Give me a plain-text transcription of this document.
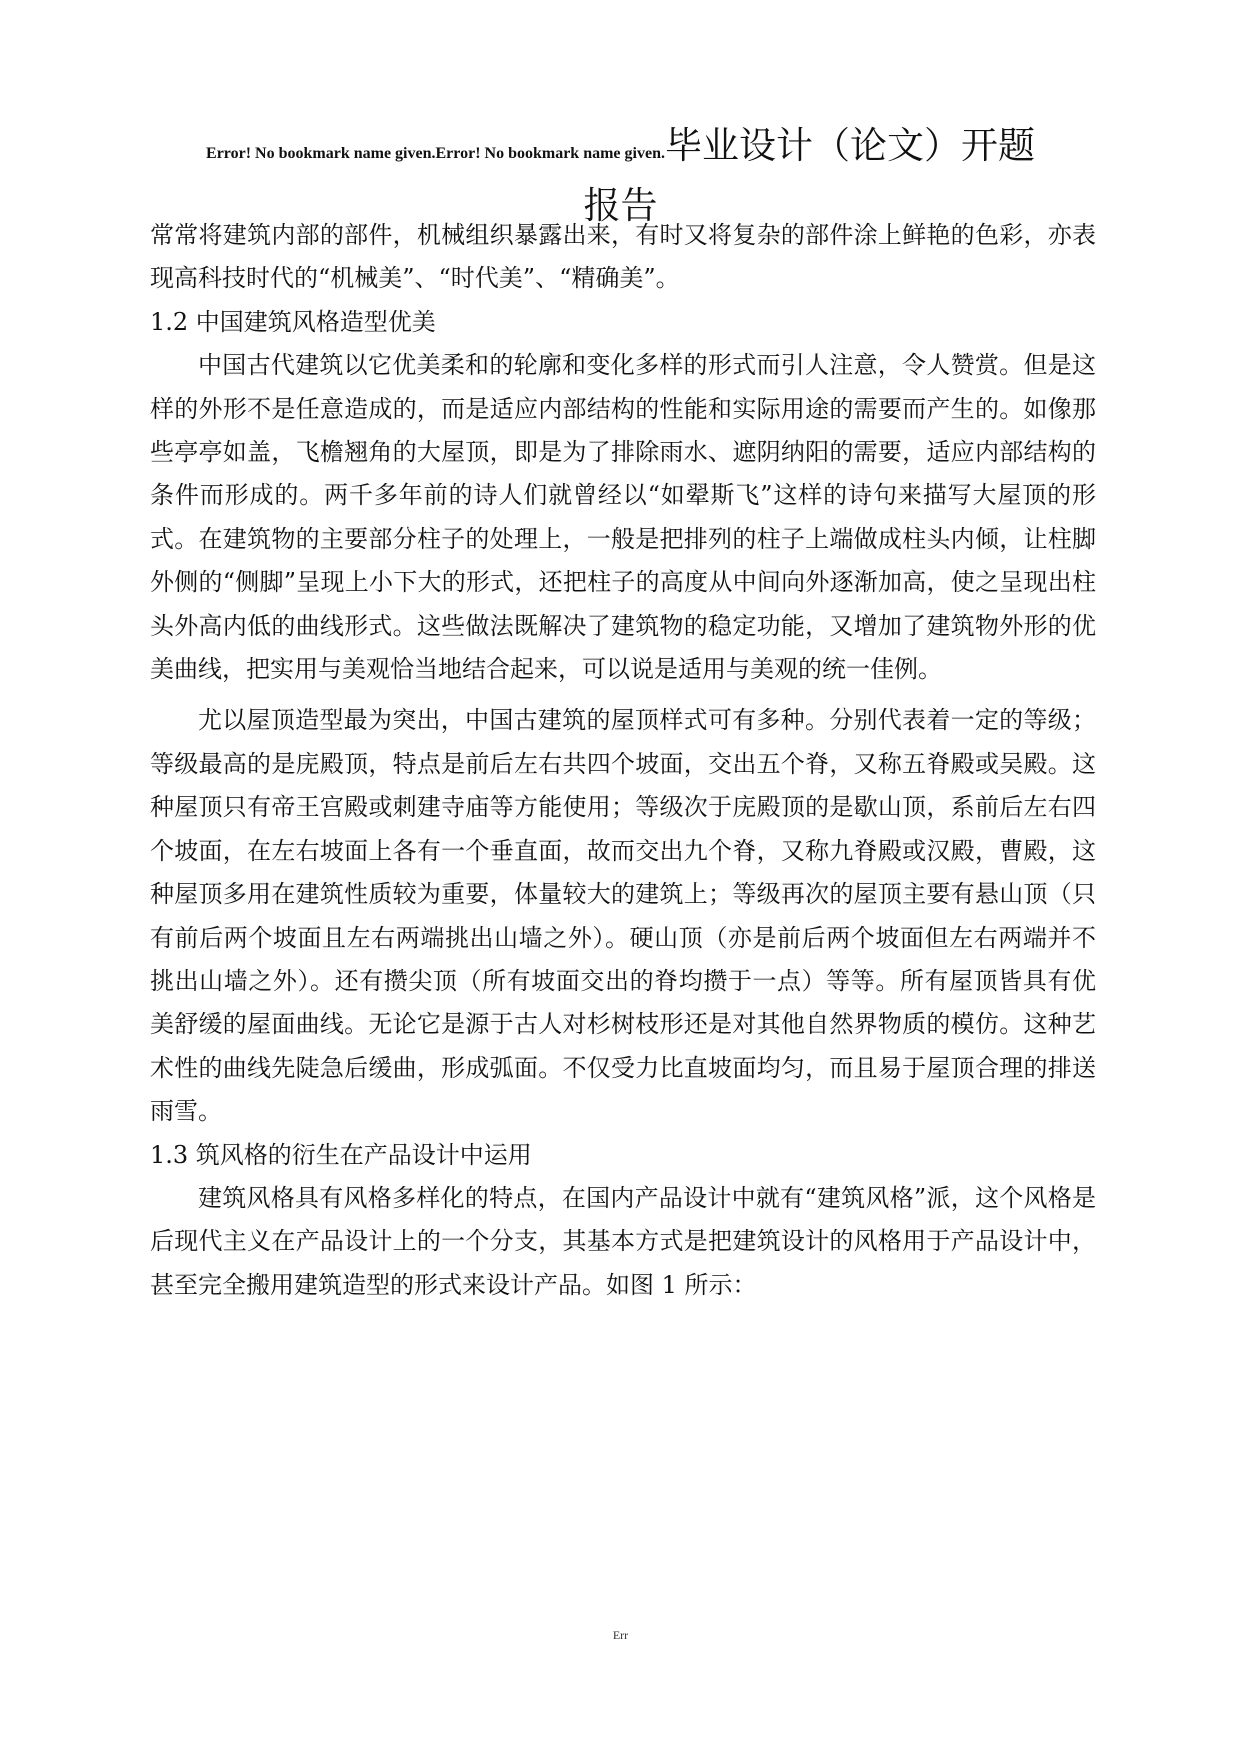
Error! No bookmark name given.Error! No bookmark name given.毕业设计（论文）开题
报告

常常将建筑内部的部件，机械组织暴露出来，有时又将复杂的部件涂上鲜艳的色彩，亦表现高科技时代的“机械美”、“时代美”、“精确美”。

1.2 中国建筑风格造型优美

中国古代建筑以它优美柔和的轮廓和变化多样的形式而引人注意，令人赞赏。但是这样的外形不是任意造成的，而是适应内部结构的性能和实际用途的需要而产生的。如像那些亭亭如盖，飞檐翘角的大屋顶，即是为了排除雨水、遮阴纳阳的需要，适应内部结构的条件而形成的。两千多年前的诗人们就曾经以“如翚斯飞”这样的诗句来描写大屋顶的形式。在建筑物的主要部分柱子的处理上，一般是把排列的柱子上端做成柱头内倾，让柱脚外侧的“侧脚”呈现上小下大的形式，还把柱子的高度从中间向外逐渐加高，使之呈现出柱头外高内低的曲线形式。这些做法既解决了建筑物的稳定功能，又增加了建筑物外形的优美曲线，把实用与美观恰当地结合起来，可以说是适用与美观的统一佳例。

尤以屋顶造型最为突出，中国古建筑的屋顶样式可有多种。分别代表着一定的等级；等级最高的是庑殿顶，特点是前后左右共四个坡面，交出五个脊，又称五脊殿或吴殿。这种屋顶只有帝王宫殿或刺建寺庙等方能使用；等级次于庑殿顶的是歇山顶，系前后左右四个坡面，在左右坡面上各有一个垂直面，故而交出九个脊，又称九脊殿或汉殿，曹殿，这种屋顶多用在建筑性质较为重要，体量较大的建筑上；等级再次的屋顶主要有悬山顶（只有前后两个坡面且左右两端挑出山墙之外）。硬山顶（亦是前后两个坡面但左右两端并不挑出山墙之外）。还有攒尖顶（所有坡面交出的脊均攒于一点）等等。所有屋顶皆具有优美舒缓的屋面曲线。无论它是源于古人对杉树枝形还是对其他自然界物质的模仿。这种艺术性的曲线先陡急后缓曲，形成弧面。不仅受力比直坡面均匀，而且易于屋顶合理的排送雨雪。

1.3 筑风格的衍生在产品设计中运用

建筑风格具有风格多样化的特点，在国内产品设计中就有“建筑风格”派，这个风格是后现代主义在产品设计上的一个分支，其基本方式是把建筑设计的风格用于产品设计中，甚至完全搬用建筑造型的形式来设计产品。如图 1 所示：

Err
